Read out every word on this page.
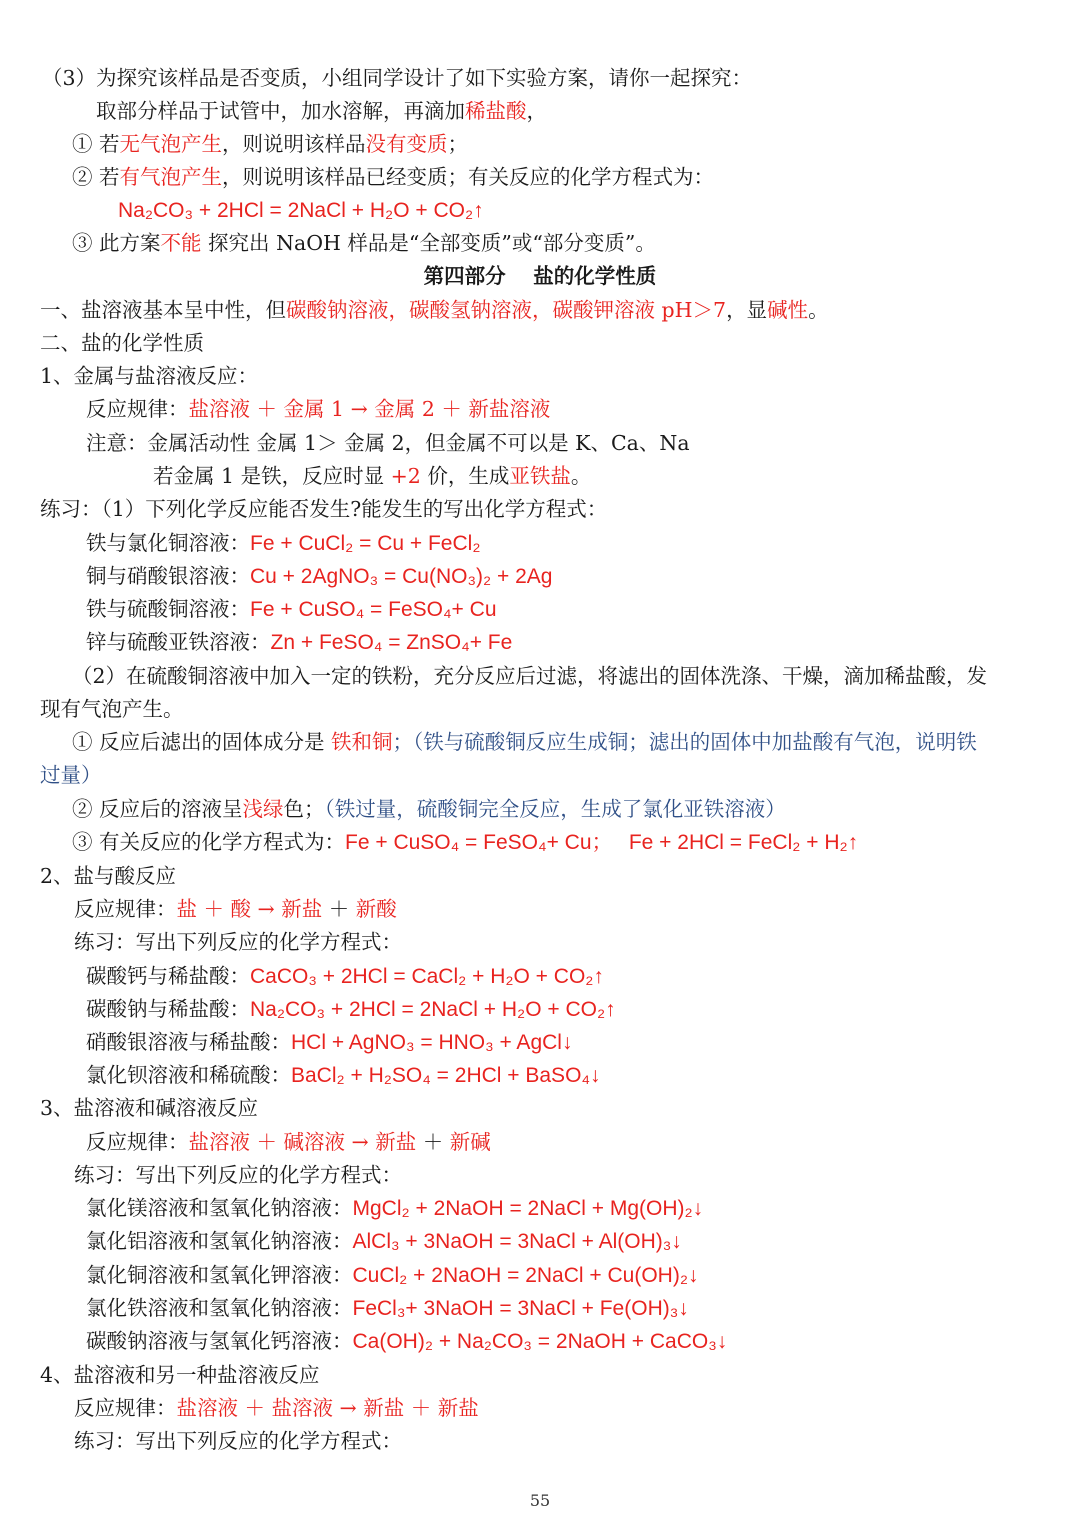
（3）为探究该样品是否变质，小组同学设计了如下实验方案，请你一起探究：
取部分样品于试管中，加水溶解，再滴加稀盐酸，
① 若无气泡产生，则说明该样品没有变质；
② 若有气泡产生，则说明该样品已经变质；有关反应的化学方程式为：
Na₂CO₃ + 2HCl = 2NaCl + H₂O + CO₂↑
③ 此方案不能 探究出 NaOH 样品是“全部变质”或“部分变质”。
第四部分　 盐的化学性质
一、盐溶液基本呈中性，但碳酸钠溶液，碳酸氢钠溶液，碳酸钾溶液 pH＞7，显碱性。
二、盐的化学性质
1、金属与盐溶液反应：
反应规律：盐溶液 ＋ 金属 1 → 金属 2 ＋ 新盐溶液
注意：金属活动性 金属 1＞ 金属 2，但金属不可以是 K、Ca、Na
若金属 1 是铁，反应时显 +2 价，生成亚铁盐。
练习：（1）下列化学反应能否发生?能发生的写出化学方程式：
铁与氯化铜溶液：Fe + CuCl₂ = Cu + FeCl₂
铜与硝酸银溶液：Cu + 2AgNO₃ = Cu(NO₃)₂ + 2Ag
铁与硫酸铜溶液：Fe + CuSO₄ = FeSO₄+ Cu
锌与硫酸亚铁溶液：Zn + FeSO₄ = ZnSO₄+ Fe
（2）在硫酸铜溶液中加入一定的铁粉，充分反应后过滤，将滤出的固体洗涤、干燥，滴加稀盐酸，发
现有气泡产生。
① 反应后滤出的固体成分是 铁和铜；（铁与硫酸铜反应生成铜；滤出的固体中加盐酸有气泡，说明铁
过量）
② 反应后的溶液呈浅绿色；（铁过量，硫酸铜完全反应，生成了氯化亚铁溶液）
③ 有关反应的化学方程式为：Fe + CuSO₄ = FeSO₄+ Cu；　 Fe + 2HCl = FeCl₂ + H₂↑
2、盐与酸反应
反应规律：盐 ＋ 酸 → 新盐 ＋ 新酸
练习：写出下列反应的化学方程式：
碳酸钙与稀盐酸：CaCO₃ + 2HCl = CaCl₂ + H₂O + CO₂↑
碳酸钠与稀盐酸：Na₂CO₃ + 2HCl = 2NaCl + H₂O + CO₂↑
硝酸银溶液与稀盐酸：HCl + AgNO₃ = HNO₃ + AgCl↓
氯化钡溶液和稀硫酸：BaCl₂ + H₂SO₄ = 2HCl + BaSO₄↓
3、盐溶液和碱溶液反应
反应规律：盐溶液 ＋ 碱溶液 → 新盐 ＋ 新碱
练习：写出下列反应的化学方程式：
氯化镁溶液和氢氧化钠溶液：MgCl₂ + 2NaOH = 2NaCl + Mg(OH)₂↓
氯化铝溶液和氢氧化钠溶液：AlCl₃ + 3NaOH = 3NaCl + Al(OH)₃↓
氯化铜溶液和氢氧化钾溶液：CuCl₂ + 2NaOH = 2NaCl + Cu(OH)₂↓
氯化铁溶液和氢氧化钠溶液：FeCl₃+ 3NaOH = 3NaCl + Fe(OH)₃↓
碳酸钠溶液与氢氧化钙溶液：Ca(OH)₂ + Na₂CO₃ = 2NaOH + CaCO₃↓
4、盐溶液和另一种盐溶液反应
反应规律：盐溶液 ＋ 盐溶液 → 新盐 ＋ 新盐
练习：写出下列反应的化学方程式：
55
